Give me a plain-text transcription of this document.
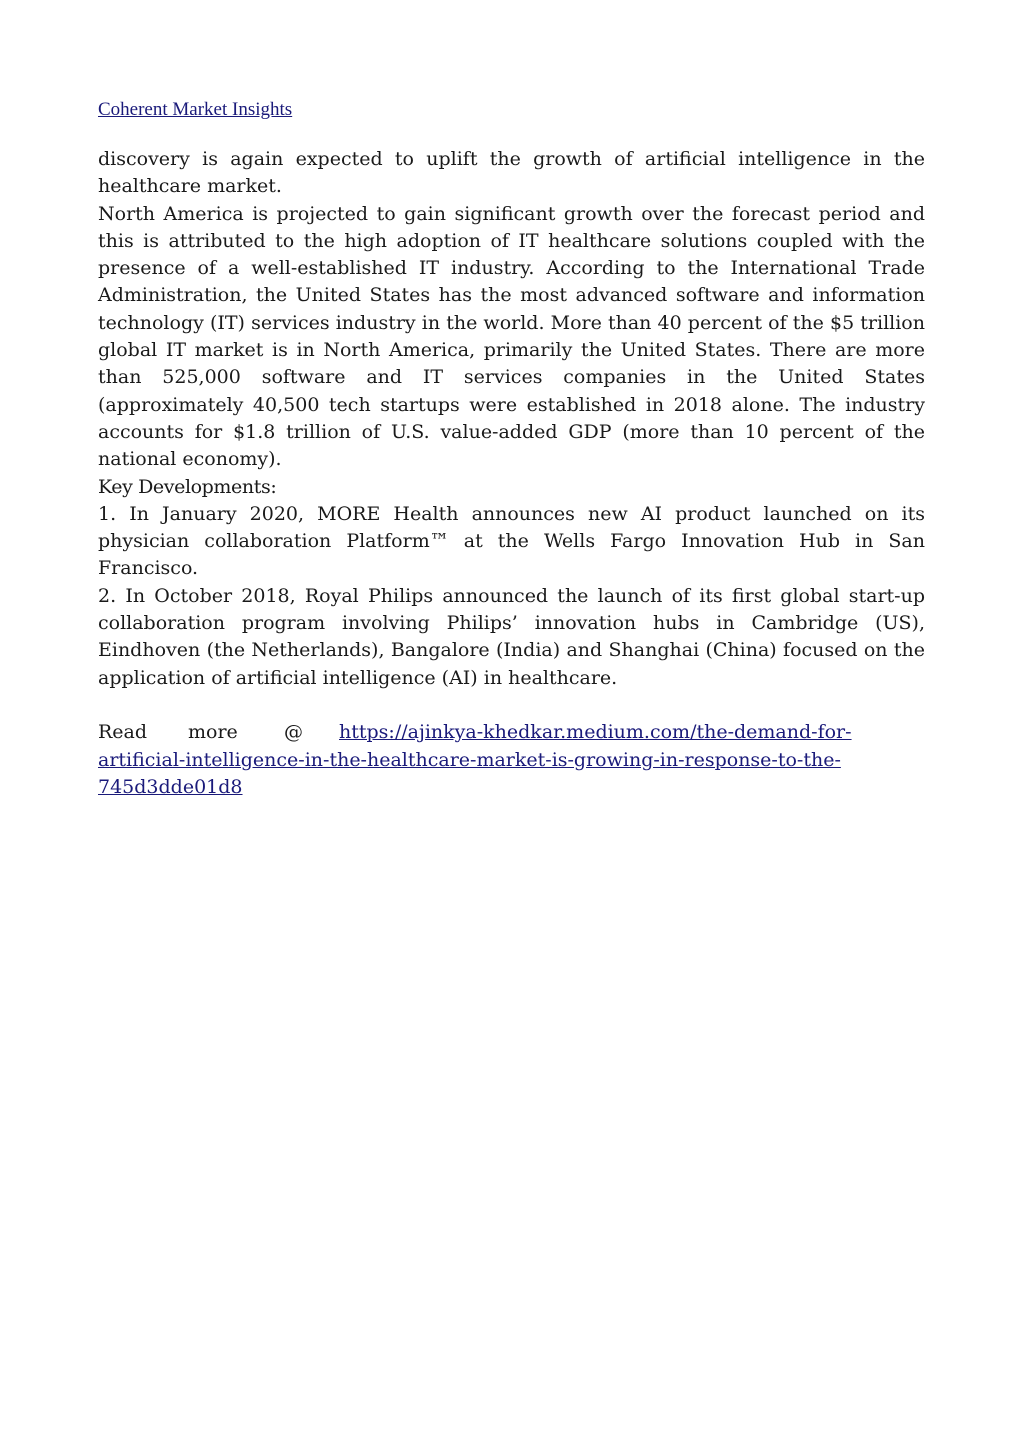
Coherent Market Insights

discovery is again expected to uplift the growth of artificial intelligence in the healthcare market.

North America is projected to gain significant growth over the forecast period and this is attributed to the high adoption of IT healthcare solutions coupled with the presence of a well-established IT industry. According to the International Trade Administration, the United States has the most advanced software and information technology (IT) services industry in the world. More than 40 percent of the $5 trillion global IT market is in North America, primarily the United States. There are more than 525,000 software and IT services companies in the United States (approximately 40,500 tech startups were established in 2018 alone. The industry accounts for $1.8 trillion of U.S. value-added GDP (more than 10 percent of the national economy).

Key Developments:

1. In January 2020, MORE Health announces new AI product launched on its physician collaboration Platform™ at the Wells Fargo Innovation Hub in San Francisco.

2. In October 2018, Royal Philips announced the launch of its first global start-up collaboration program involving Philips’ innovation hubs in Cambridge (US), Eindhoven (the Netherlands), Bangalore (India) and Shanghai (China) focused on the application of artificial intelligence (AI) in healthcare.

Read more @ https://ajinkya-khedkar.medium.com/the-demand-for-artificial-intelligence-in-the-healthcare-market-is-growing-in-response-to-the-745d3dde01d8
